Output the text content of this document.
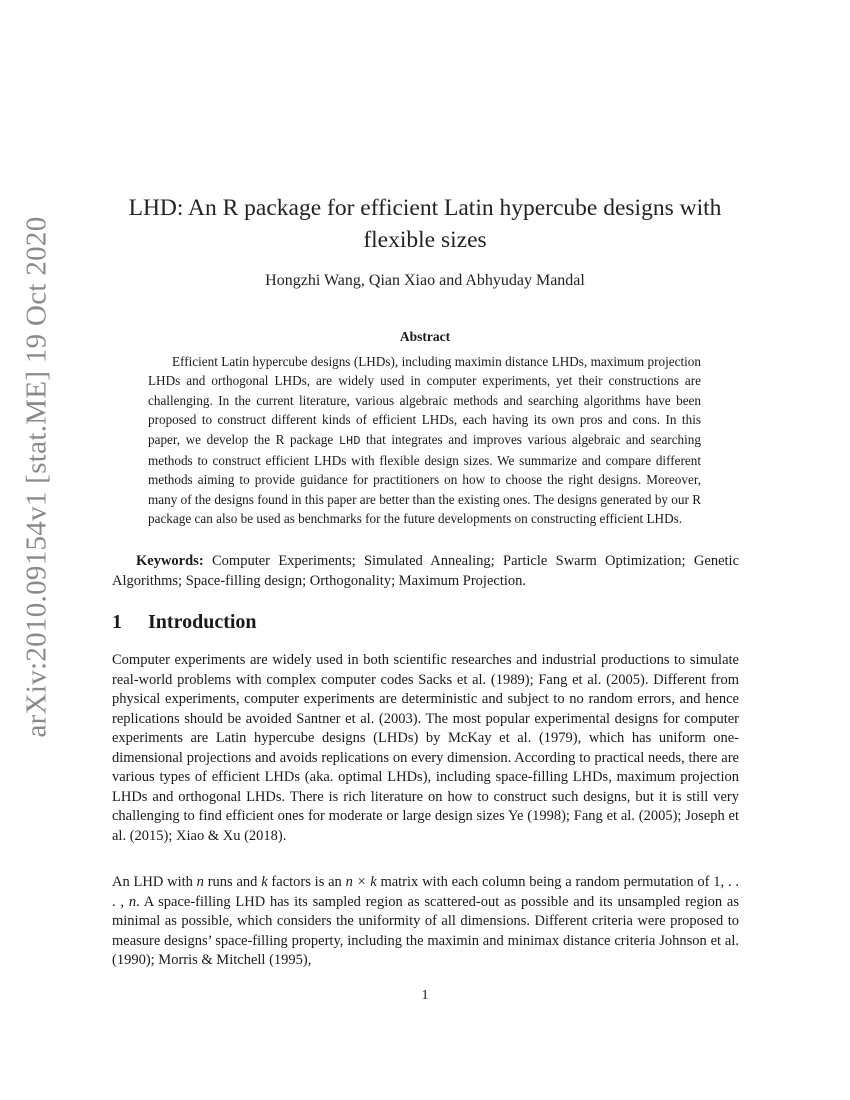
arXiv:2010.09154v1 [stat.ME] 19 Oct 2020
LHD: An R package for efficient Latin hypercube designs with flexible sizes
Hongzhi Wang, Qian Xiao and Abhyuday Mandal
Abstract
Efficient Latin hypercube designs (LHDs), including maximin distance LHDs, maximum projection LHDs and orthogonal LHDs, are widely used in computer experiments, yet their constructions are challenging. In the current literature, various algebraic methods and searching algorithms have been proposed to construct different kinds of efficient LHDs, each having its own pros and cons. In this paper, we develop the R package LHD that integrates and improves various algebraic and searching methods to construct efficient LHDs with flexible design sizes. We summarize and compare different methods aiming to provide guidance for practitioners on how to choose the right designs. Moreover, many of the designs found in this paper are better than the existing ones. The designs generated by our R package can also be used as benchmarks for the future developments on constructing efficient LHDs.
Keywords: Computer Experiments; Simulated Annealing; Particle Swarm Optimization; Genetic Algorithms; Space-filling design; Orthogonality; Maximum Projection.
1 Introduction
Computer experiments are widely used in both scientific researches and industrial productions to simulate real-world problems with complex computer codes Sacks et al. (1989); Fang et al. (2005). Different from physical experiments, computer experiments are deterministic and subject to no random errors, and hence replications should be avoided Santner et al. (2003). The most popular experimental designs for computer experiments are Latin hypercube designs (LHDs) by McKay et al. (1979), which has uniform one-dimensional projections and avoids replications on every dimension. According to practical needs, there are various types of efficient LHDs (aka. optimal LHDs), including space-filling LHDs, maximum projection LHDs and orthogonal LHDs. There is rich literature on how to construct such designs, but it is still very challenging to find efficient ones for moderate or large design sizes Ye (1998); Fang et al. (2005); Joseph et al. (2015); Xiao & Xu (2018).
An LHD with n runs and k factors is an n × k matrix with each column being a random permutation of 1, . . . , n. A space-filling LHD has its sampled region as scattered-out as possible and its unsampled region as minimal as possible, which considers the uniformity of all dimensions. Different criteria were proposed to measure designs’ space-filling property, including the maximin and minimax distance criteria Johnson et al. (1990); Morris & Mitchell (1995),
1
